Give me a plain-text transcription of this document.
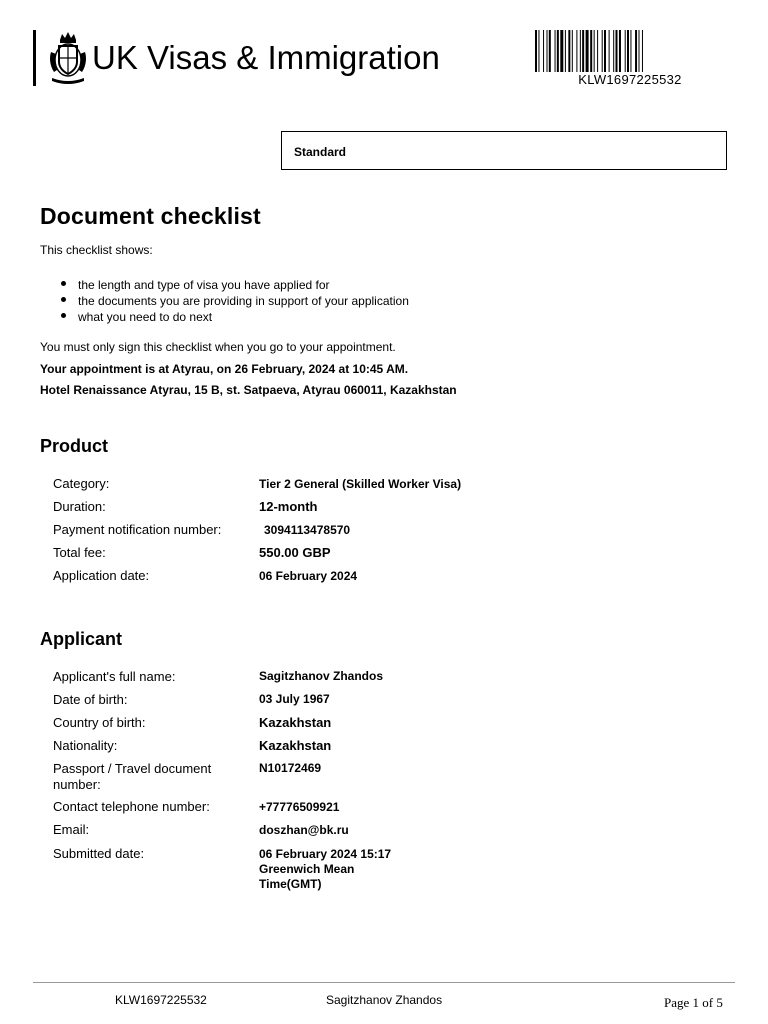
UK Visas & Immigration
KLW1697225532
Standard
Document checklist
This checklist shows:
the length and type of visa you have applied for
the documents you are providing in support of your application
what you need to do next
You must only sign this checklist when you go to your appointment.
Your appointment is at Atyrau, on 26 February, 2024 at 10:45 AM.
Hotel Renaissance Atyrau, 15 B, st. Satpaeva, Atyrau 060011, Kazakhstan
Product
Category:	Tier 2 General (Skilled Worker Visa)
Duration:	12-month
Payment notification number:	3094113478570
Total fee:	550.00 GBP
Application date:	06 February 2024
Applicant
Applicant's full name:	Sagitzhanov Zhandos
Date of birth:	03 July 1967
Country of birth:	Kazakhstan
Nationality:	Kazakhstan
Passport / Travel document
number:
N10172469
Contact telephone number:	+77776509921
Email:	doszhan@bk.ru
Submitted date:	06 February 2024 15:17
Greenwich Mean
Time(GMT)
KLW1697225532	Sagitzhanov Zhandos	Page 1 of 5
